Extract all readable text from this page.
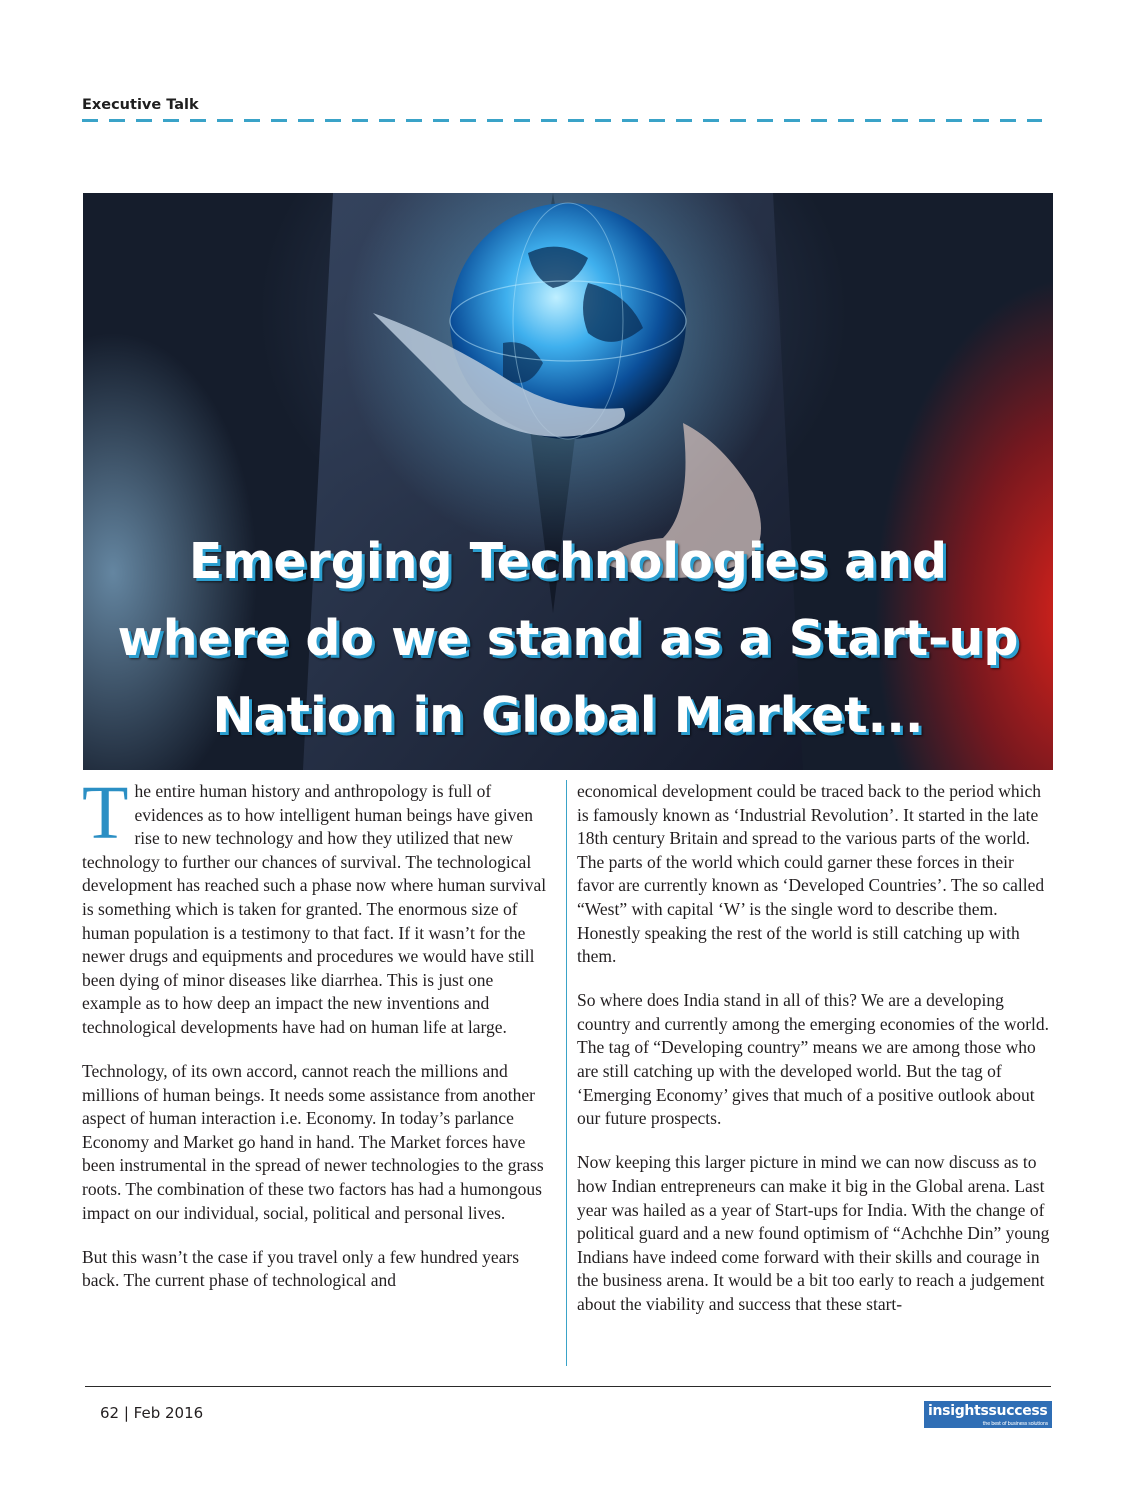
Executive Talk
Emerging Technologies and
where do we stand as a Start-up
Nation in Global Market...

T he entire human history and anthropology is full of evidences as to how intelligent human beings have given rise to new technology and how they utilized that new technology to further our chances of survival. The technological development has reached such a phase now where human survival is something which is taken for granted. The enormous size of human population is a testimony to that fact. If it wasn’t for the newer drugs and equipments and procedures we would have still been dying of minor diseases like diarrhea. This is just one example as to how deep an impact the new inventions and technological developments have had on human life at large.

Technology, of its own accord, cannot reach the millions and millions of human beings. It needs some assistance from another aspect of human interaction i.e. Economy. In today’s parlance Economy and Market go hand in hand. The Market forces have been instrumental in the spread of newer technologies to the grass roots. The combination of these two factors has had a humongous impact on our individual, social, political and personal lives.

But this wasn’t the case if you travel only a few hundred years back. The current phase of technological and

economical development could be traced back to the period which is famously known as ‘Industrial Revolution’. It started in the late 18th century Britain and spread to the various parts of the world. The parts of the world which could garner these forces in their favor are currently known as ‘Developed Countries’. The so called “West” with capital ‘W’ is the single word to describe them. Honestly speaking the rest of the world is still catching up with them.

So where does India stand in all of this? We are a developing country and currently among the emerging economies of the world. The tag of “Developing country” means we are among those who are still catching up with the developed world. But the tag of ‘Emerging Economy’ gives that much of a positive outlook about our future prospects.

Now keeping this larger picture in mind we can now discuss as to how Indian entrepreneurs can make it big in the Global arena. Last year was hailed as a year of Start-ups for India. With the change of political guard and a new found optimism of “Achchhe Din” young Indians have indeed come forward with their skills and courage in the business arena. It would be a bit too early to reach a judgement about the viability and success that these start-

62 | Feb 2016	insightssuccess
the best of business solutions
